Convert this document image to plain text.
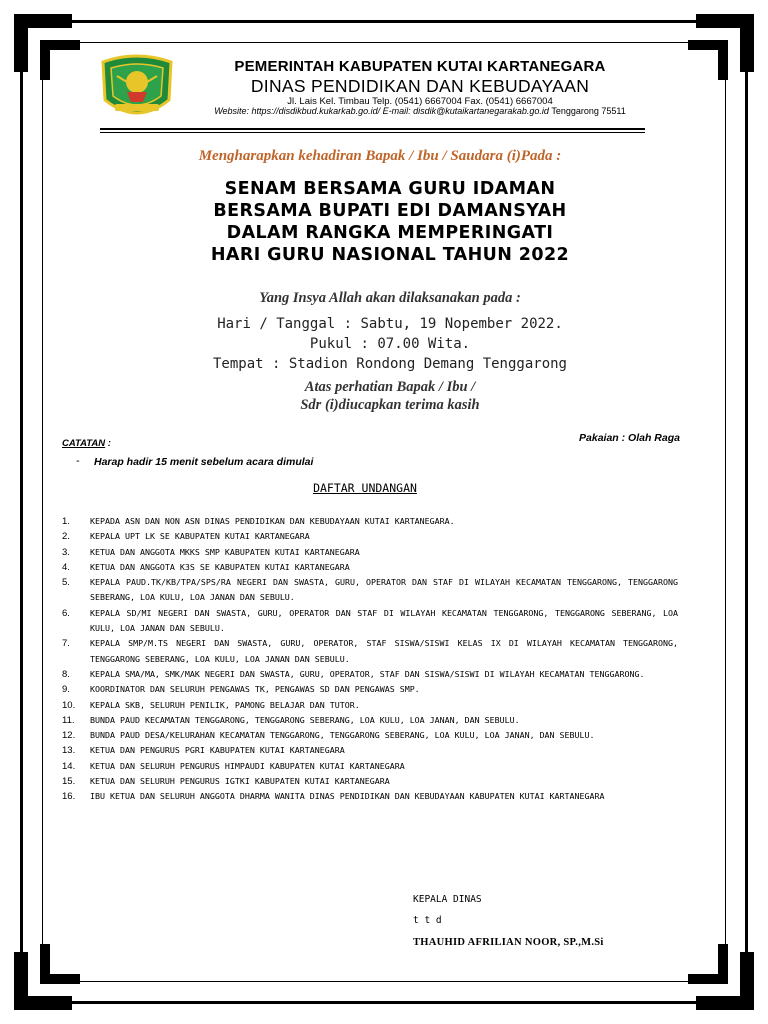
PEMERINTAH KABUPATEN KUTAI KARTANEGARA
DINAS PENDIDIKAN DAN KEBUDAYAAN
Jl. Lais Kel. Timbau Telp. (0541) 6667004 Fax. (0541) 6667004
Website: https://disdikbud.kukarkab.go.id/ E-mail: disdik@kutaikartanegarakab.go.id Tenggarong 75511
Mengharapkan kehadiran Bapak / Ibu / Saudara (i)Pada :
SENAM BERSAMA GURU IDAMAN
BERSAMA BUPATI EDI DAMANSYAH
DALAM RANGKA MEMPERINGATI
HARI GURU NASIONAL TAHUN 2022
Yang Insya Allah akan dilaksanakan pada :
Hari / Tanggal : Sabtu, 19 Nopember 2022.
Pukul : 07.00 Wita.
Tempat : Stadion Rondong Demang Tenggarong
Atas perhatian Bapak / Ibu /
Sdr (i)diucapkan terima kasih
CATATAN :	Pakaian : Olah Raga
- Harap hadir 15 menit sebelum acara dimulai
DAFTAR UNDANGAN
1.	KEPADA ASN DAN NON ASN DINAS PENDIDIKAN DAN KEBUDAYAAN KUTAI KARTANEGARA.
2.	KEPALA UPT LK SE KABUPATEN KUTAI KARTANEGARA
3.	KETUA DAN ANGGOTA MKKS SMP KABUPATEN KUTAI KARTANEGARA
4.	KETUA DAN ANGGOTA K3S SE KABUPATEN KUTAI KARTANEGARA
5.	KEPALA PAUD.TK/KB/TPA/SPS/RA NEGERI DAN SWASTA, GURU, OPERATOR DAN STAF DI WILAYAH KECAMATAN TENGGARONG, TENGGARONG SEBERANG, LOA KULU, LOA JANAN DAN SEBULU.
6.	KEPALA SD/MI NEGERI DAN SWASTA, GURU, OPERATOR DAN STAF DI WILAYAH KECAMATAN TENGGARONG, TENGGARONG SEBERANG, LOA KULU, LOA JANAN DAN SEBULU.
7.	KEPALA SMP/M.TS NEGERI DAN SWASTA, GURU, OPERATOR, STAF SISWA/SISWI KELAS IX DI WILAYAH KECAMATAN TENGGARONG, TENGGARONG SEBERANG, LOA KULU, LOA JANAN DAN SEBULU.
8.	KEPALA SMA/MA, SMK/MAK NEGERI DAN SWASTA, GURU, OPERATOR, STAF DAN SISWA/SISWI DI WILAYAH KECAMATAN TENGGARONG.
9.	KOORDINATOR DAN SELURUH PENGAWAS TK, PENGAWAS SD DAN PENGAWAS SMP.
10.	KEPALA SKB, SELURUH PENILIK, PAMONG BELAJAR DAN TUTOR.
11.	BUNDA PAUD KECAMATAN TENGGARONG, TENGGARONG SEBERANG, LOA KULU, LOA JANAN, DAN SEBULU.
12.	BUNDA PAUD DESA/KELURAHAN KECAMATAN TENGGARONG, TENGGARONG SEBERANG, LOA KULU, LOA JANAN, DAN SEBULU.
13.	KETUA DAN PENGURUS PGRI KABUPATEN KUTAI KARTANEGARA
14.	KETUA DAN SELURUH PENGURUS HIMPAUDI KABUPATEN KUTAI KARTANEGARA
15.	KETUA DAN SELURUH PENGURUS IGTKI KABUPATEN KUTAI KARTANEGARA
16.	IBU KETUA DAN SELURUH ANGGOTA DHARMA WANITA DINAS PENDIDIKAN DAN KEBUDAYAAN KABUPATEN KUTAI KARTANEGARA
KEPALA DINAS
t t d
THAUHID AFRILIAN NOOR, SP.,M.Si
